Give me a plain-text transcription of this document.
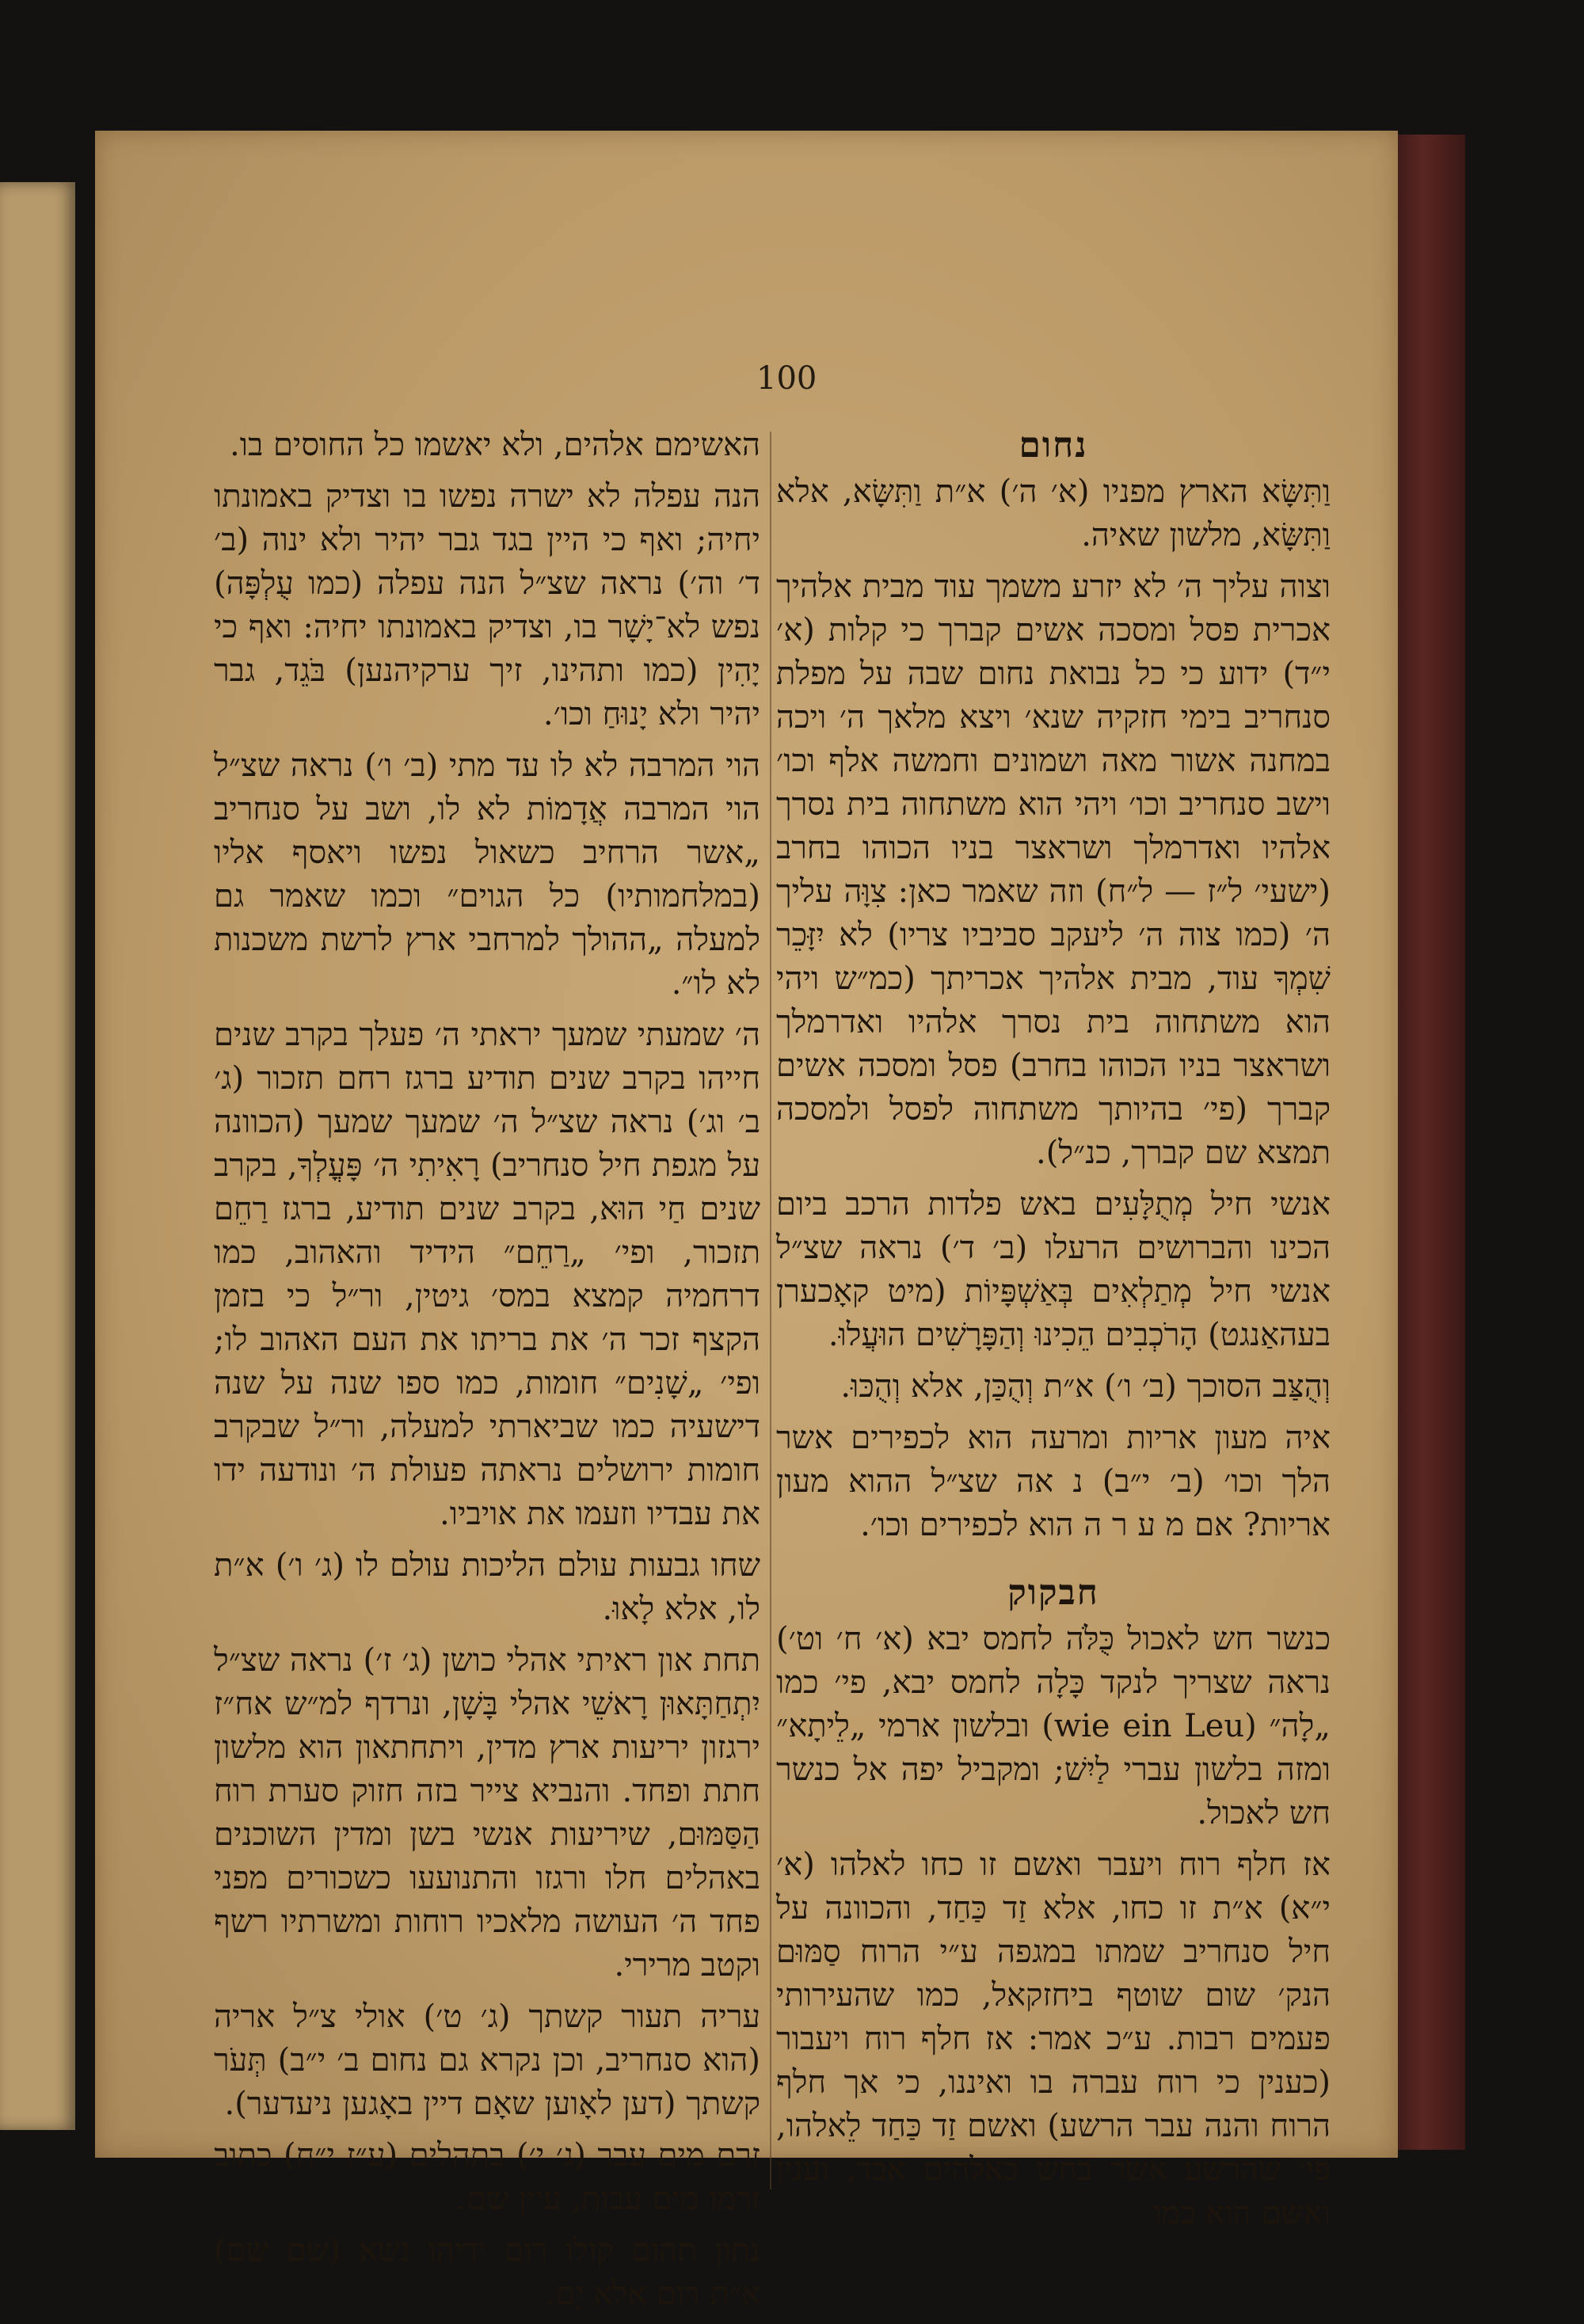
100
נחום

וַתִּשָּׂא הארץ מפניו (א׳ ה׳) א״ת וַתִּשָּׂא, אלא וַתִּשָּׂא, מלשון שאיה.

וצוה עליך ה׳ לא יזרע משמך עוד מבית אלהיך אכרית פסל ומסכה אשים קברך כי קלות (א׳ י״ד) ידוע כי כל נבואת נחום שבה על מפלת סנחריב בימי חזקיה שנא׳ ויצא מלאך ה׳ ויכה במחנה אשור מאה ושמונים וחמשה אלף וכו׳ וישב סנחריב וכו׳ ויהי הוא משתחוה בית נסרך אלהיו ואדרמלך ושראצר בניו הכוהו בחרב (ישעי׳ ל״ז — ל״ח) וזה שאמר כאן: צִוָּה עליך ה׳ (כמו צוה ה׳ ליעקב סביביו צריו) לא יִזָּכֵר שִׁמְךָ עוד, מבית אלהיך אכריתך (כמ״ש ויהי הוא משתחוה בית נסרך אלהיו ואדרמלך ושראצר בניו הכוהו בחרב) פסל ומסכה אשים קברך (פי׳ בהיותך משתחוה לפסל ולמסכה תמצא שם קברך, כנ״ל).

אנשי חיל מְתֻלָּעִים באש פלדות הרכב ביום הכינו והברושים הרעלו (ב׳ ד׳) נראה שצ״ל אנשי חיל מְתַלְאִים בְּאַשְׁפָּיוֹת (מיט קאָכערן בעהאַנגט) הָרֹכְבִים הֵכִינוּ וְהַפָּרָשִׁים הוּעֲלוּ.

וְהֻצַּב הסוכך (ב׳ ו׳) א״ת וְהֻכַּן, אלא וְהֻכּוּ.

איה מעון אריות ומרעה הוא לכפירים אשר הלך וכו׳ (ב׳ י״ב) נ אה שצ״ל ההוא מעון אריות? אם מ ע ר ה הוא לכפירים וכו׳.

חבקוק

כנשר חש לאכול כֻּלֹּה לחמס יבא (א׳ ח׳ וט׳) נראה שצריך לנקד כָּלָה לחמס יבא, פי׳ כמו „לָה״ (wie ein Leu) ובלשון ארמי „לֵיתָא״ ומזה בלשון עברי לַיִשׁ; ומקביל יפה אל כנשר חש לאכול.

אז חלף רוח ויעבר ואשם זו כחו לאלהו (א׳ י״א) א״ת זו כחו, אלא זַד כַּחַד, והכוונה על חיל סנחריב שמתו במגפה ע״י הרוח סַמּוּם הנק׳ שום שוטף ביחזקאל, כמו שהעירותי פעמים רבות. ע״כ אמר: אז חלף רוח ויעבור (כענין כי רוח עברה בו ואיננו, כי אך חלף הרוח והנה עבר הרשע) ואשם זַד כַּחַד לֵאלהו, פי׳ שהרשע אשר בחש באלהים אבד, וענין ואשם הוא כמו

האשימם אלהים, ולא יאשמו כל החוסים בו.

הנה עפלה לא ישרה נפשו בו וצדיק באמונתו יחיה; ואף כי היין בגד גבר יהיר ולא ינוה (ב׳ ד׳ וה׳) נראה שצ״ל הנה עפלה (כמו עֻלְפָּה) נפש לא־יָשָׁר בו, וצדיק באמונתו יחיה: ואף כי יָהִין (כמו ותהינו, זיך ערקיהנען) בֹּגֵד, גבר יהיר ולא יָנוּחַ וכו׳.

הוי המרבה לא לו עד מתי (ב׳ ו׳) נראה שצ״ל הוי המרבה אֲדָמוֹת לא לו, ושב על סנחריב „אשר הרחיב כשאול נפשו ויאסף אליו (במלחמותיו) כל הגוים״ וכמו שאמר גם למעלה „ההולך למרחבי ארץ לרשת משכנות לא לו״.

ה׳ שמעתי שמעך יראתי ה׳ פעלך בקרב שנים חייהו בקרב שנים תודיע ברגז רחם תזכור (ג׳ ב׳ וג׳) נראה שצ״ל ה׳ שמעך שמעך (הכוונה על מגפת חיל סנחריב) רָאִיתִי ה׳ פָּעֳלְךָ, בקרב שנים חַי הוּא, בקרב שנים תודיע, ברגז רַחֵם תזכור, ופי׳ „רַחֵם״ הידיד והאהוב, כמו דרחמיה קמצא במס׳ גיטין, ור״ל כי בזמן הקצף זכר ה׳ את בריתו את העם האהוב לו; ופי׳ „שָׁנִים״ חומות, כמו ספו שנה על שנה דישעיה כמו שביארתי למעלה, ור״ל שבקרב חומות ירושלים נראתה פעולת ה׳ ונודעה ידו את עבדיו וזעמו את אויביו.

שחו גבעות עולם הליכות עולם לו (ג׳ ו׳) א״ת לו, אלא לָאוּ.

תחת און ראיתי אהלי כושן (ג׳ ז׳) נראה שצ״ל יִתְחַתָּאוּן רָאשֵׁי אהלי בָּשָׁן, ונרדף למ״ש אח״ז ירגזון יריעות ארץ מדין, ויתחתאון הוא מלשון חתת ופחד. והנביא צייר בזה חזוק סערת רוח הַסַּמּוּם, שיריעות אנשי בשן ומדין השוכנים באהלים חלו ורגזו והתנועעו כשכורים מפני פחד ה׳ העושה מלאכיו רוחות ומשרתיו רשף וקטב מרירי.

עריה תעור קשתך (ג׳ ט׳) אולי צ״ל אריה (הוא סנחריב, וכן נקרא גם נחום ב׳ י״ב) תְּעֹר קשתך (דען לאָוען שאָם דיין באָגען ניעדער).

זרם מים עבר (ג׳ י׳) בתהלים (ע״ז י״ח) כתוב זרמו מים עבות, עיין שם.

נתון תהום קולו רום ידיהו נשא (שם שם) א״ת רום אלא יָם.
